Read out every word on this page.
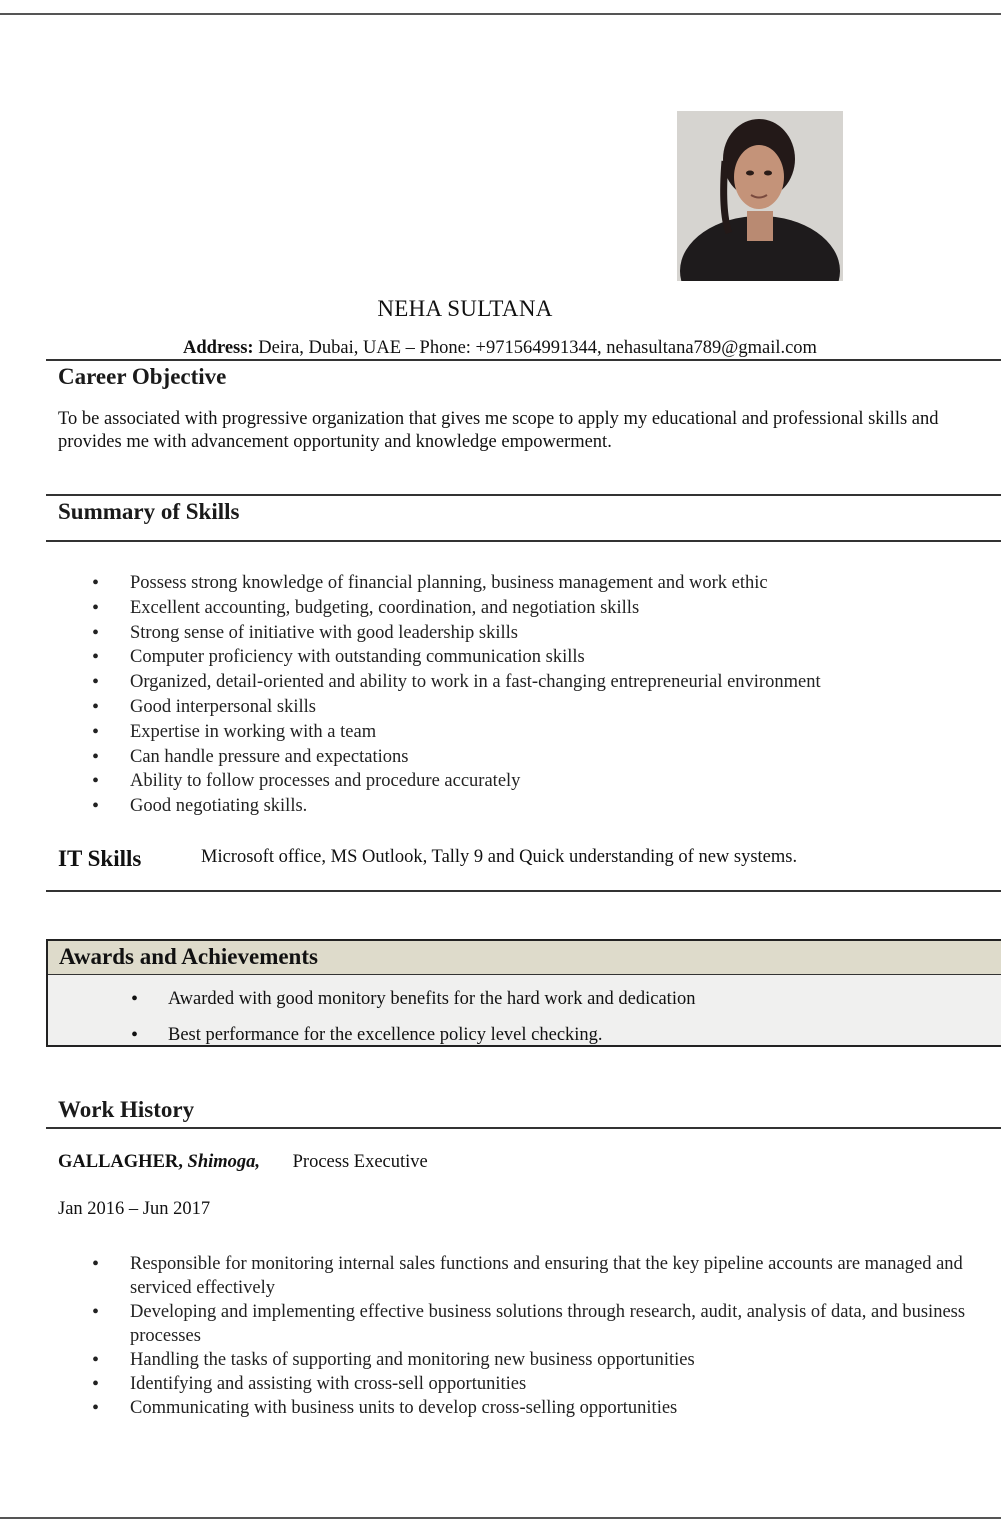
NEHA SULTANA
Address: Deira, Dubai, UAE – Phone: +971564991344, nehasultana789@gmail.com
Career Objective
To be associated with progressive organization that gives me scope to apply my educational and professional skills and provides me with advancement opportunity and knowledge empowerment.
Summary of Skills
• Possess strong knowledge of financial planning, business management and work ethic
• Excellent accounting, budgeting, coordination, and negotiation skills
• Strong sense of initiative with good leadership skills
• Computer proficiency with outstanding communication skills
• Organized, detail-oriented and ability to work in a fast-changing entrepreneurial environment
• Good interpersonal skills
• Expertise in working with a team
• Can handle pressure and expectations
• Ability to follow processes and procedure accurately
• Good negotiating skills.
IT Skills	Microsoft office, MS Outlook, Tally 9 and Quick understanding of new systems.
Awards and Achievements
• Awarded with good monitory benefits for the hard work and dedication
• Best performance for the excellence policy level checking.
Work History
GALLAGHER, Shimoga, Process Executive
Jan 2016 – Jun 2017
• Responsible for monitoring internal sales functions and ensuring that the key pipeline accounts are managed and serviced effectively
• Developing and implementing effective business solutions through research, audit, analysis of data, and business processes
• Handling the tasks of supporting and monitoring new business opportunities
• Identifying and assisting with cross-sell opportunities
• Communicating with business units to develop cross-selling opportunities
